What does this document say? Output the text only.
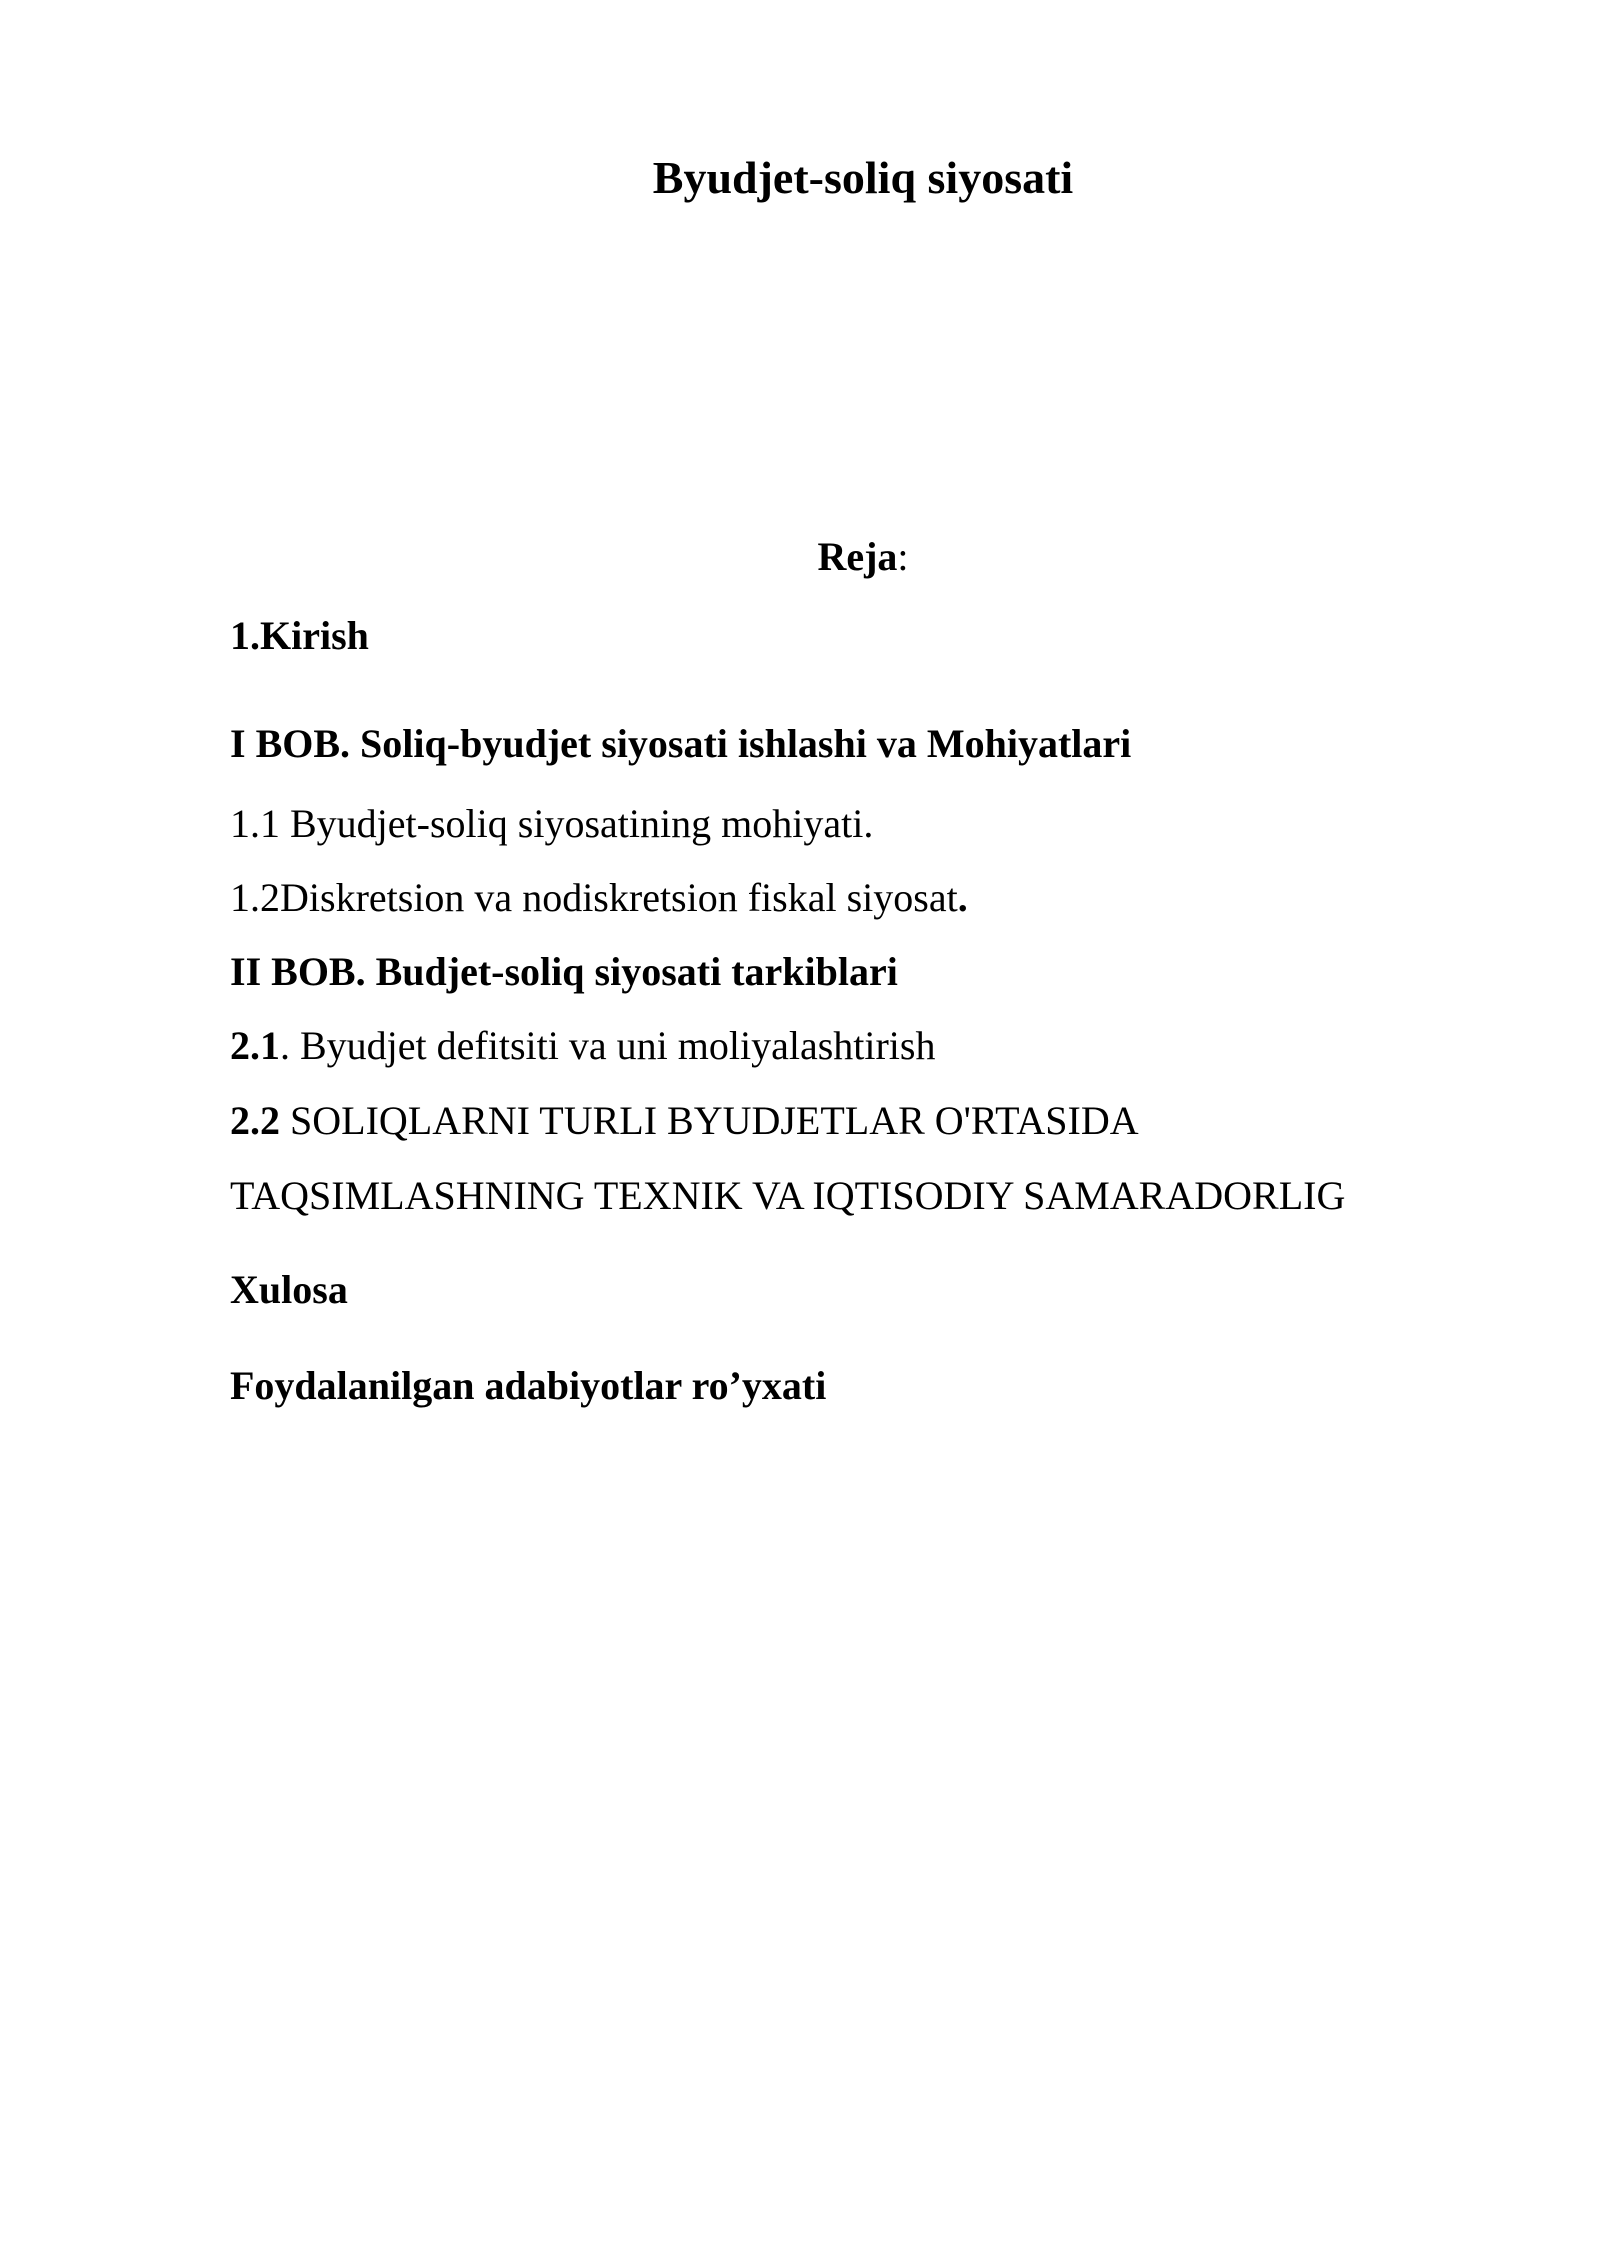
Byudjet-soliq siyosati
Reja:
1.Kirish
I BOB. Soliq-byudjet siyosati ishlashi va Mohiyatlari
1.1 Byudjet-soliq siyosatining mohiyati.
1.2Diskretsion va nodiskretsion fiskal siyosat.
II BOB. Budjet-soliq siyosati tarkiblari
2.1. Byudjet defitsiti va uni moliyalashtirish
2.2 SOLIQLARNI TURLI BYUDJETLAR O'RTASIDA
TAQSIMLASHNING TEXNIK VA IQTISODIY SAMARADORLIG
Xulosa
Foydalanilgan adabiyotlar ro’yxati
